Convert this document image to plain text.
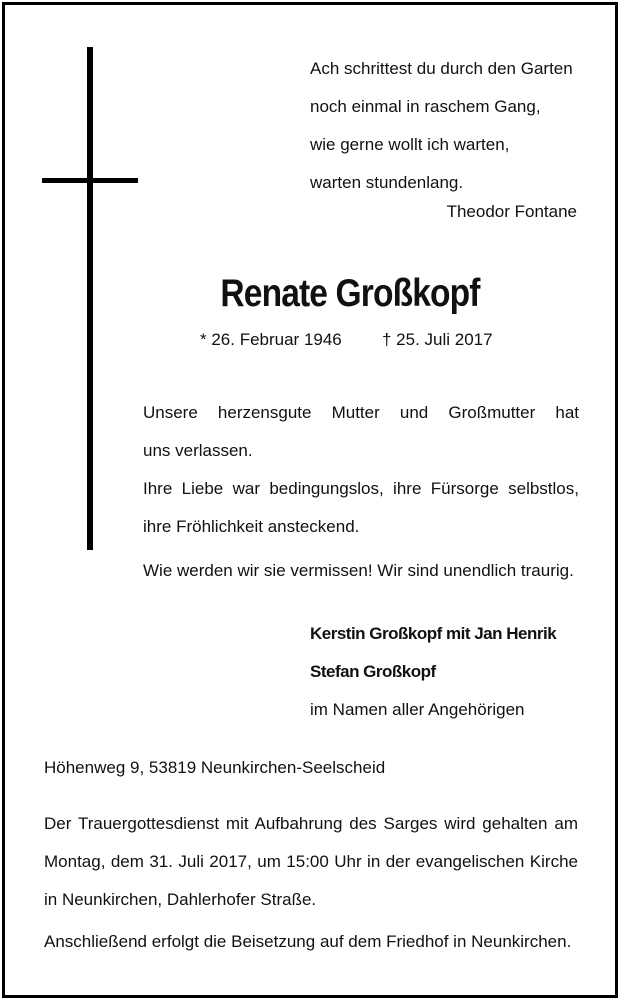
Ach schrittest du durch den Garten
noch einmal in raschem Gang,
wie gerne wollt ich warten,
warten stundenlang.
Theodor Fontane
Renate Großkopf
* 26. Februar 1946 † 25. Juli 2017
Unsere herzensgute Mutter und Großmutter hat
uns verlassen.
Ihre Liebe war bedingungslos, ihre Fürsorge selbstlos,
ihre Fröhlichkeit ansteckend.
Wie werden wir sie vermissen! Wir sind unendlich traurig.
Kerstin Großkopf mit Jan Henrik
Stefan Großkopf
im Namen aller Angehörigen
Höhenweg 9, 53819 Neunkirchen-Seelscheid
Der Trauergottesdienst mit Aufbahrung des Sarges wird gehalten am
Montag, dem 31. Juli 2017, um 15:00 Uhr in der evangelischen Kirche
in Neunkirchen, Dahlerhofer Straße.
Anschließend erfolgt die Beisetzung auf dem Friedhof in Neunkirchen.
